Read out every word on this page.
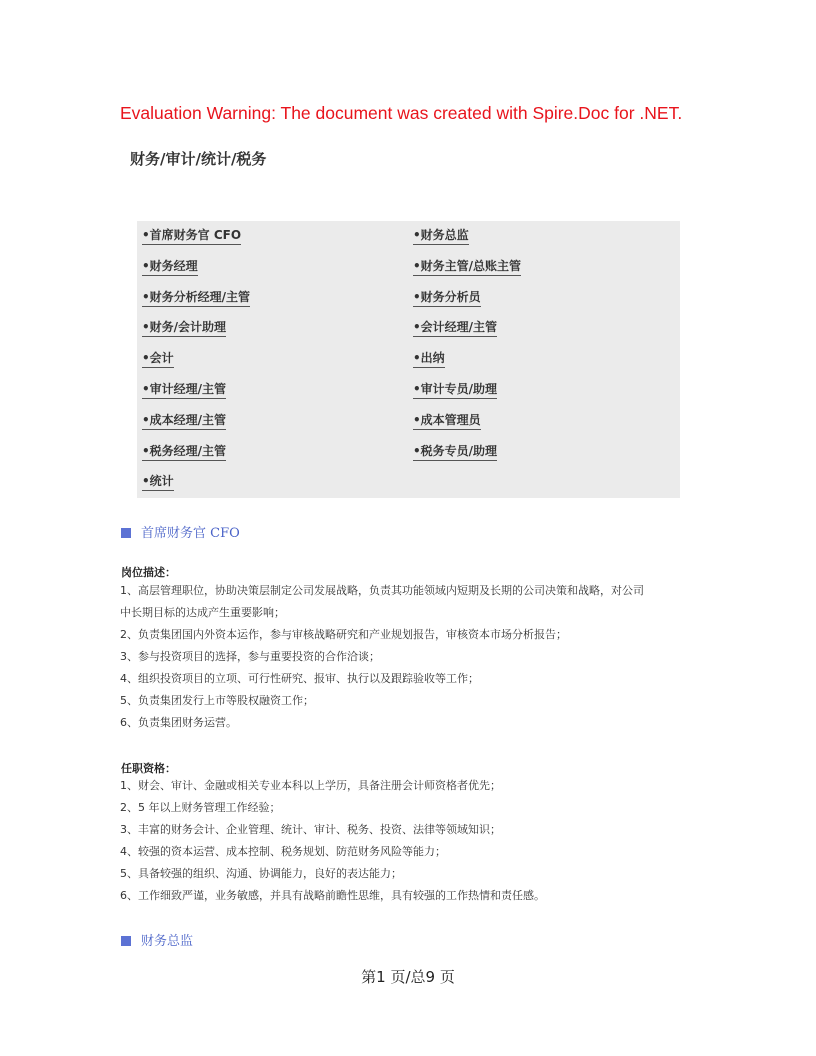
Evaluation Warning: The document was created with Spire.Doc for .NET.
财务/审计/统计/税务
•首席财务官 CFO	•财务总监
•财务经理	•财务主管/总账主管
•财务分析经理/主管	•财务分析员
•财务/会计助理	•会计经理/主管
•会计	•出纳
•审计经理/主管	•审计专员/助理
•成本经理/主管	•成本管理员
•税务经理/主管	•税务专员/助理
•统计
首席财务官 CFO
岗位描述：
1、高层管理职位，协助决策层制定公司发展战略，负责其功能领域内短期及长期的公司决策和战略，对公司
中长期目标的达成产生重要影响；
2、负责集团国内外资本运作，参与审核战略研究和产业规划报告，审核资本市场分析报告；
3、参与投资项目的选择，参与重要投资的合作洽谈；
4、组织投资项目的立项、可行性研究、报审、执行以及跟踪验收等工作；
5、负责集团发行上市等股权融资工作；
6、负责集团财务运营。
任职资格：
1、财会、审计、金融或相关专业本科以上学历，具备注册会计师资格者优先；
2、5 年以上财务管理工作经验；
3、丰富的财务会计、企业管理、统计、审计、税务、投资、法律等领域知识；
4、较强的资本运营、成本控制、税务规划、防范财务风险等能力；
5、具备较强的组织、沟通、协调能力，良好的表达能力；
6、工作细致严谨，业务敏感，并具有战略前瞻性思维，具有较强的工作热情和责任感。
财务总监
第1 页/总9 页
